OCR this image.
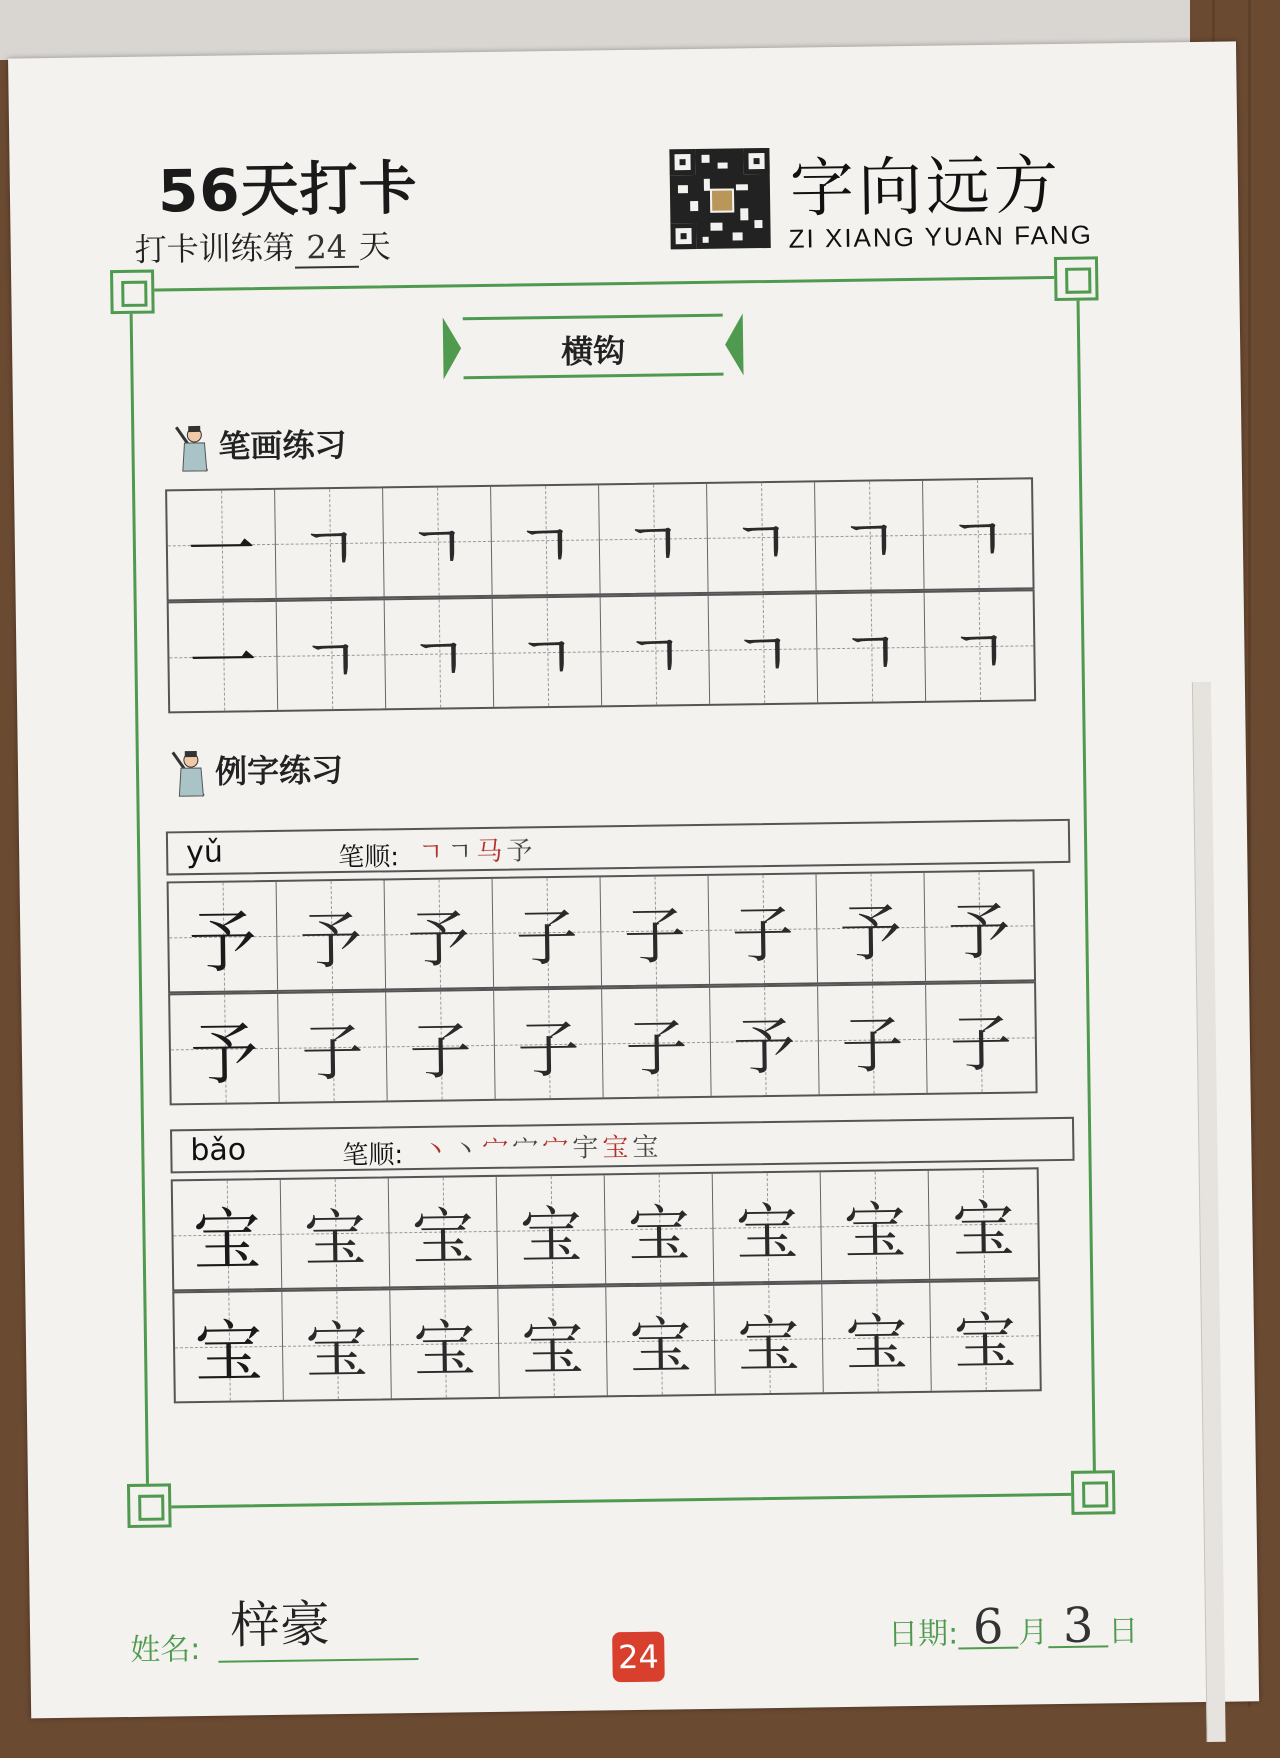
56天打卡
打卡训练第 24 天
字向远方
ZI XIANG YUAN FANG
横钩
笔画练习
一 ㄱ ㄱ ㄱ ㄱ ㄱ ㄱ ㄱ
一 ㄱ ㄱ ㄱ ㄱ ㄱ ㄱ ㄱ
例字练习
yǔ	笔顺: ㄱㄱ马予
予 予 予 子 子 子 予 予
予 子 子 子 子 予 子 子
bǎo	笔顺: 丶丶宀宀宀宇宝宝
宝 宝 宝 宝 宝 宝 宝 宝
宝 宝 宝 宝 宝 宝 宝 宝
姓名: 梓豪
24
日期: 6 月 3 日
